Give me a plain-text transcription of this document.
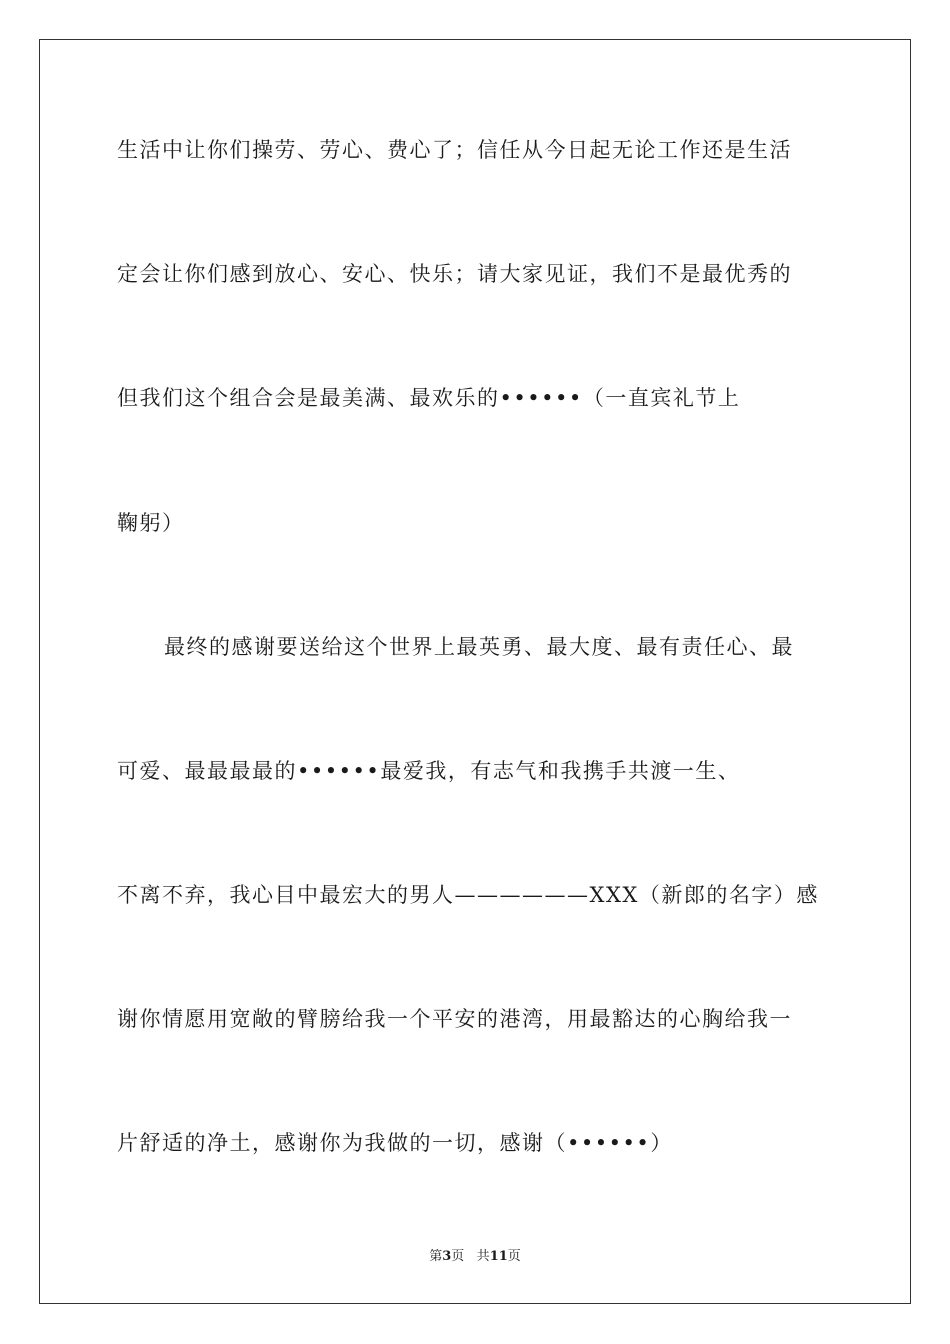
生活中让你们操劳、劳心、费心了；信任从今日起无论工作还是生活
定会让你们感到放心、安心、快乐；请大家见证，我们不是最优秀的
但我们这个组合会是最美满、最欢乐的••••••（一直宾礼节上
鞠躬）
最终的感谢要送给这个世界上最英勇、最大度、最有责任心、最
可爱、最最最最的••••••最爱我，有志气和我携手共渡一生、
不离不弃，我心目中最宏大的男人——————XXX（新郎的名字）感
谢你情愿用宽敞的臂膀给我一个平安的港湾，用最豁达的心胸给我一
片舒适的净土，感谢你为我做的一切，感谢（••••••）
第3页 共11页
